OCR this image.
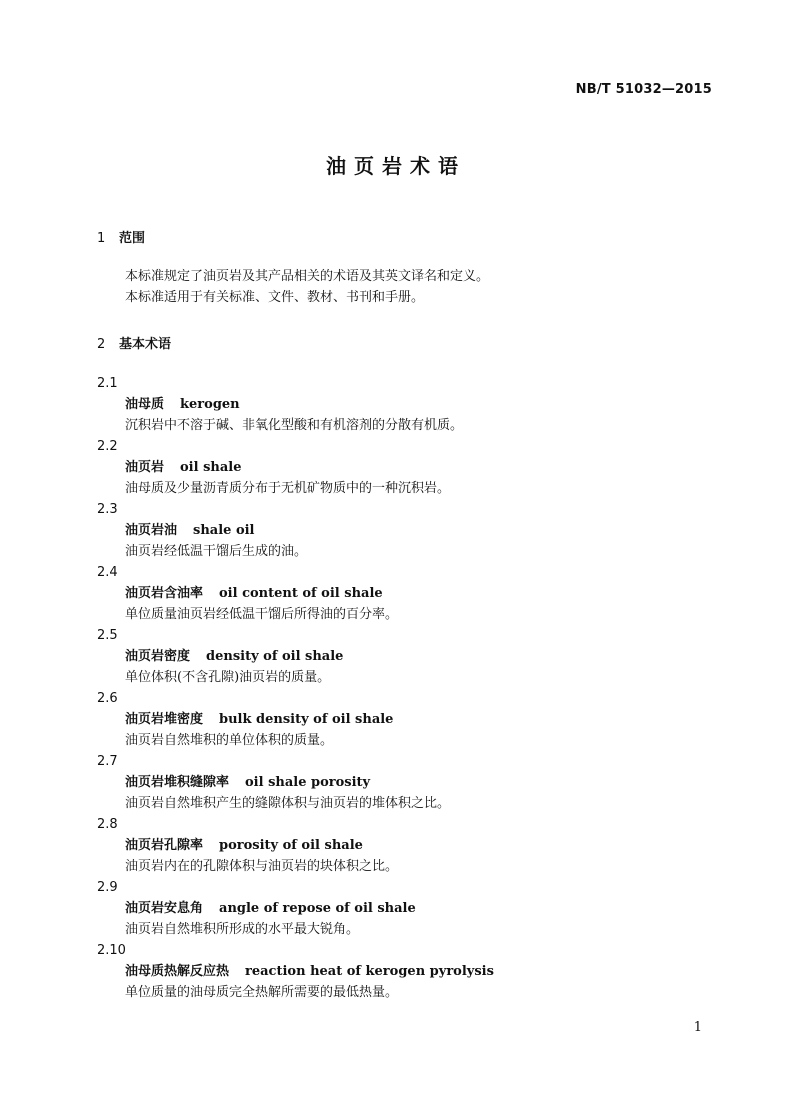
NB/T 51032—2015
油页岩术语
1 范围
本标准规定了油页岩及其产品相关的术语及其英文译名和定义。
本标准适用于有关标准、文件、教材、书刊和手册。
2 基本术语
2.1
油母质 kerogen
沉积岩中不溶于碱、非氧化型酸和有机溶剂的分散有机质。
2.2
油页岩 oil shale
油母质及少量沥青质分布于无机矿物质中的一种沉积岩。
2.3
油页岩油 shale oil
油页岩经低温干馏后生成的油。
2.4
油页岩含油率 oil content of oil shale
单位质量油页岩经低温干馏后所得油的百分率。
2.5
油页岩密度 density of oil shale
单位体积(不含孔隙)油页岩的质量。
2.6
油页岩堆密度 bulk density of oil shale
油页岩自然堆积的单位体积的质量。
2.7
油页岩堆积缝隙率 oil shale porosity
油页岩自然堆积产生的缝隙体积与油页岩的堆体积之比。
2.8
油页岩孔隙率 porosity of oil shale
油页岩内在的孔隙体积与油页岩的块体积之比。
2.9
油页岩安息角 angle of repose of oil shale
油页岩自然堆积所形成的水平最大锐角。
2.10
油母质热解反应热 reaction heat of kerogen pyrolysis
单位质量的油母质完全热解所需要的最低热量。
1
